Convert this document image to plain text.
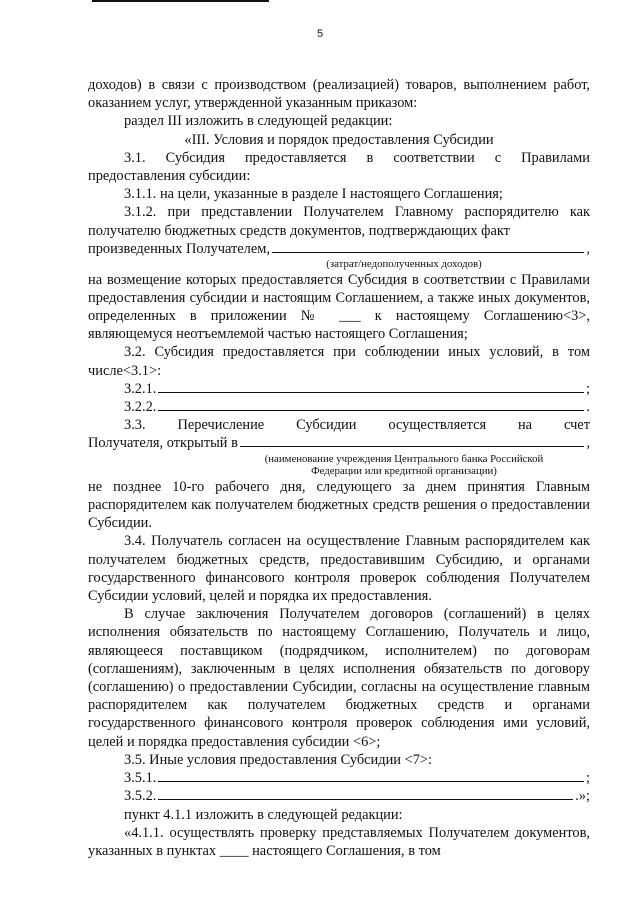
5

доходов) в связи с производством (реализацией) товаров, выполнением работ, оказанием услуг, утвержденной указанным приказом:

раздел III изложить в следующей редакции:

«III. Условия и порядок предоставления Субсидии

3.1. Субсидия предоставляется в соответствии с Правилами предоставления субсидии:

3.1.1. на цели, указанные в разделе I настоящего Соглашения;

3.1.2. при представлении Получателем Главному распорядителю как получателю бюджетных средств документов, подтверждающих факт

произведенных Получателем,	,

(затрат/недополученных доходов)

на возмещение которых предоставляется Субсидия в соответствии с Правилами предоставления субсидии и настоящим Соглашением, а также иных документов, определенных в приложении № ___ к настоящему Соглашению<3>, являющемуся неотъемлемой частью настоящего Соглашения;

3.2. Субсидия предоставляется при соблюдении иных условий, в том числе<3.1>:

3.2.1.	;
3.2.2.	.

3.3. Перечисление Субсидии осуществляется на счет

Получателя, открытый в	,

(наименование учреждения Центрального банка Российской Федерации или кредитной организации)

не позднее 10-го рабочего дня, следующего за днем принятия Главным распорядителем как получателем бюджетных средств решения о предоставлении Субсидии.

3.4. Получатель согласен на осуществление Главным распорядителем как получателем бюджетных средств, предоставившим Субсидию, и органами государственного финансового контроля проверок соблюдения Получателем Субсидии условий, целей и порядка их предоставления.

В случае заключения Получателем договоров (соглашений) в целях исполнения обязательств по настоящему Соглашению, Получатель и лицо, являющееся поставщиком (подрядчиком, исполнителем) по договорам (соглашениям), заключенным в целях исполнения обязательств по договору (соглашению) о предоставлении Субсидии, согласны на осуществление главным распорядителем как получателем бюджетных средств и органами государственного финансового контроля проверок соблюдения ими условий, целей и порядка предоставления субсидии <6>;

3.5. Иные условия предоставления Субсидии <7>:

3.5.1.	;
3.5.2.	.»;

пункт 4.1.1 изложить в следующей редакции:

«4.1.1. осуществлять проверку представляемых Получателем документов, указанных в пунктах ____ настоящего Соглашения, в том
